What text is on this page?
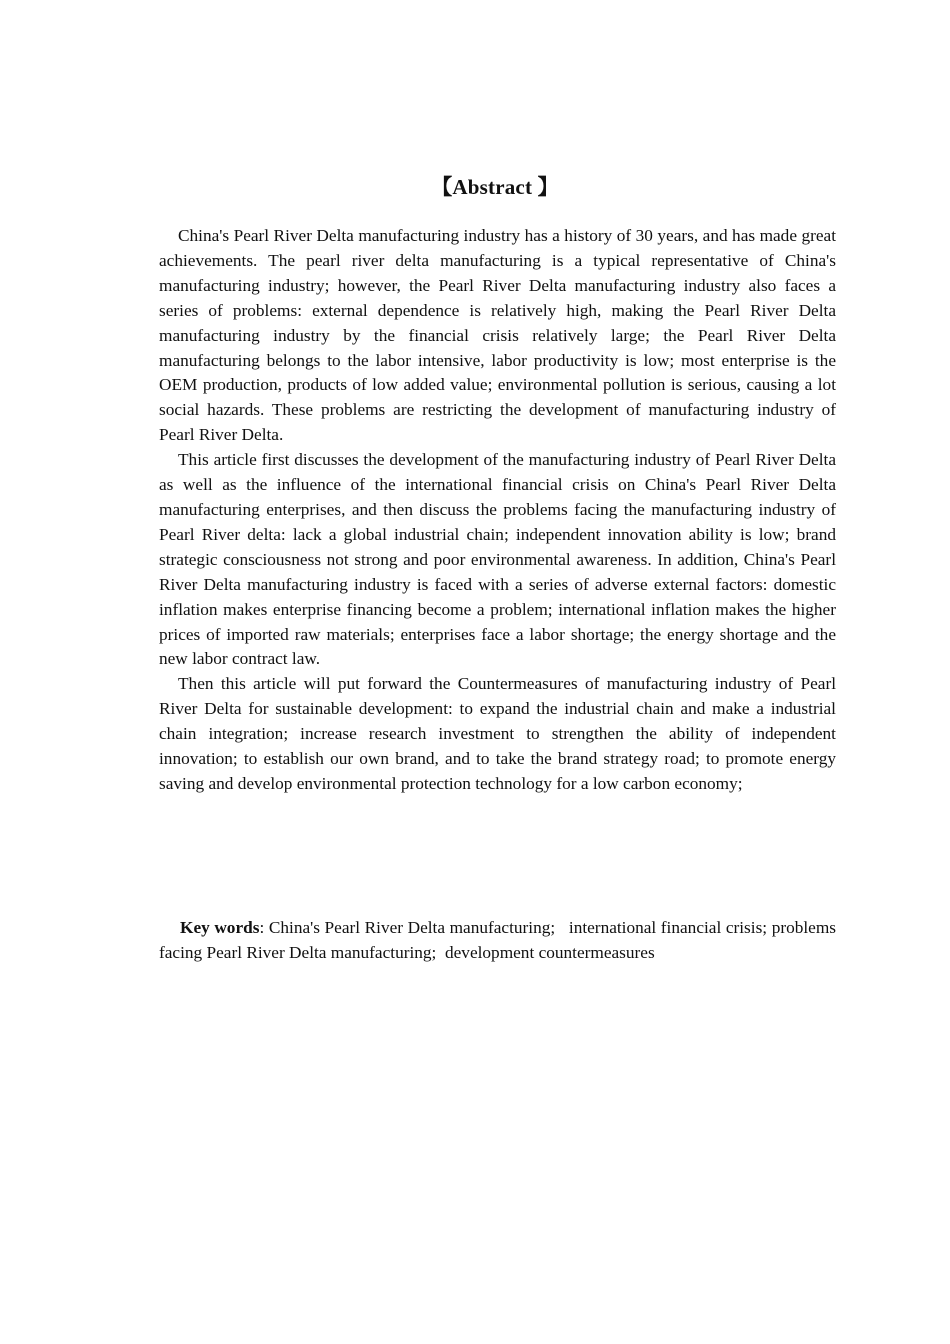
【Abstract 】

China's Pearl River Delta manufacturing industry has a history of 30 years, and has made great achievements. The pearl river delta manufacturing is a typical representative of China's manufacturing industry; however, the Pearl River Delta manufacturing industry also faces a series of problems: external dependence is relatively high, making the Pearl River Delta manufacturing industry by the financial crisis relatively large; the Pearl River Delta manufacturing belongs to the labor intensive, labor productivity is low; most enterprise is the OEM production, products of low added value; environmental pollution is serious, causing a lot social hazards. These problems are restricting the development of manufacturing industry of Pearl River Delta.

This article first discusses the development of the manufacturing industry of Pearl River Delta as well as the influence of the international financial crisis on China's Pearl River Delta manufacturing enterprises, and then discuss the problems facing the manufacturing industry of Pearl River delta: lack a global industrial chain; independent innovation ability is low; brand strategic consciousness not strong and poor environmental awareness. In addition, China's Pearl River Delta manufacturing industry is faced with a series of adverse external factors: domestic inflation makes enterprise financing become a problem; international inflation makes the higher prices of imported raw materials; enterprises face a labor shortage; the energy shortage and the new labor contract law.

Then this article will put forward the Countermeasures of manufacturing industry of Pearl River Delta for sustainable development: to expand the industrial chain and make a industrial chain integration; increase research investment to strengthen the ability of independent innovation; to establish our own brand, and to take the brand strategy road; to promote energy saving and develop environmental protection technology for a low carbon economy;

Key words: China's Pearl River Delta manufacturing;   international financial crisis; problems facing Pearl River Delta manufacturing;  development countermeasures
